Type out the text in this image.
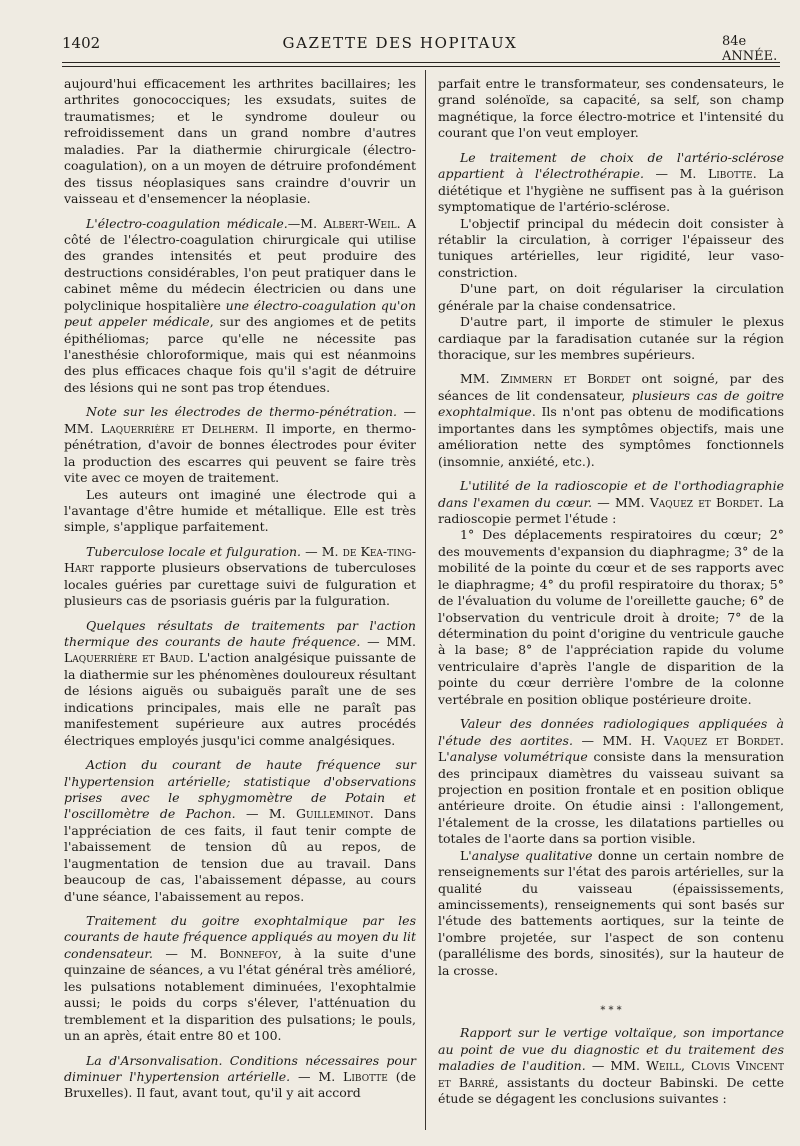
1402	GAZETTE DES HOPITAUX	84e ANNÉE.

aujourd'hui efficacement les arthrites bacillaires; les arthrites gonococciques; les exsudats, suites de traumatismes; et le syndrome douleur ou refroidissement dans un grand nombre d'autres maladies. Par la diathermie chirurgicale (électro-coagulation), on a un moyen de détruire profondément des tissus néoplasiques sans craindre d'ouvrir un vaisseau et d'ensemencer la néoplasie.

L'électro-coagulation médicale.—M. Albert-Weil. A côté de l'électro-coagulation chirurgicale qui utilise des grandes intensités et peut produire des destructions considérables, l'on peut pratiquer dans le cabinet même du médecin électricien ou dans une polyclinique hospitalière une électro-coagulation qu'on peut appeler médicale, sur des angiomes et de petits épithéliomas; parce qu'elle ne nécessite pas l'anesthésie chloroformique, mais qui est néanmoins des plus efficaces chaque fois qu'il s'agit de détruire des lésions qui ne sont pas trop étendues.

Note sur les électrodes de thermo-pénétration. — MM. Laquerrière et Delherm. Il importe, en thermo-pénétration, d'avoir de bonnes électrodes pour éviter la production des escarres qui peuvent se faire très vite avec ce moyen de traitement.

Les auteurs ont imaginé une électrode qui a l'avantage d'être humide et métallique. Elle est très simple, s'applique parfaitement.

Tuberculose locale et fulguration. — M. de Kea-ting-Hart rapporte plusieurs observations de tuberculoses locales guéries par curettage suivi de fulguration et plusieurs cas de psoriasis guéris par la fulguration.

Quelques résultats de traitements par l'action thermique des courants de haute fréquence. — MM. Laquerrière et Baud. L'action analgésique puissante de la diathermie sur les phénomènes douloureux résultant de lésions aiguës ou subaiguës paraît une de ses indications principales, mais elle ne paraît pas manifestement supérieure aux autres procédés électriques employés jusqu'ici comme analgésiques.

Action du courant de haute fréquence sur l'hypertension artérielle; statistique d'observations prises avec le sphygmomètre de Potain et l'oscillomètre de Pachon. — M. Guilleminot. Dans l'appréciation de ces faits, il faut tenir compte de l'abaissement de tension dû au repos, de l'augmentation de tension due au travail. Dans beaucoup de cas, l'abaissement dépasse, au cours d'une séance, l'abaissement au repos.

Traitement du goitre exophtalmique par les courants de haute fréquence appliqués au moyen du lit condensateur. — M. Bonnefoy, à la suite d'une quinzaine de séances, a vu l'état général très amélioré, les pulsations notablement diminuées, l'exophtalmie aussi; le poids du corps s'élever, l'atténuation du tremblement et la disparition des pulsations; le pouls, un an après, était entre 80 et 100.

La d'Arsonvalisation. Conditions nécessaires pour diminuer l'hypertension artérielle. — M. Libotte (de Bruxelles). Il faut, avant tout, qu'il y ait accord

parfait entre le transformateur, ses condensateurs, le grand solénoïde, sa capacité, sa self, son champ magnétique, la force électro-motrice et l'intensité du courant que l'on veut employer.

Le traitement de choix de l'artério-sclérose appartient à l'électrothérapie. — M. Libotte. La diététique et l'hygiène ne suffisent pas à la guérison symptomatique de l'artério-sclérose.

L'objectif principal du médecin doit consister à rétablir la circulation, à corriger l'épaisseur des tuniques artérielles, leur rigidité, leur vaso-constriction.

D'une part, on doit régulariser la circulation générale par la chaise condensatrice.

D'autre part, il importe de stimuler le plexus cardiaque par la faradisation cutanée sur la région thoracique, sur les membres supérieurs.

MM. Zimmern et Bordet ont soigné, par des séances de lit condensateur, plusieurs cas de goitre exophtalmique. Ils n'ont pas obtenu de modifications importantes dans les symptômes objectifs, mais une amélioration nette des symptômes fonctionnels (insomnie, anxiété, etc.).

L'utilité de la radioscopie et de l'orthodiagraphie dans l'examen du cœur. — MM. Vaquez et Bordet. La radioscopie permet l'étude :

1° Des déplacements respiratoires du cœur; 2° des mouvements d'expansion du diaphragme; 3° de la mobilité de la pointe du cœur et de ses rapports avec le diaphragme; 4° du profil respiratoire du thorax; 5° de l'évaluation du volume de l'oreillette gauche; 6° de l'observation du ventricule droit à droite; 7° de la détermination du point d'origine du ventricule gauche à la base; 8° de l'appréciation rapide du volume ventriculaire d'après l'angle de disparition de la pointe du cœur derrière l'ombre de la colonne vertébrale en position oblique postérieure droite.

Valeur des données radiologiques appliquées à l'étude des aortites. — MM. H. Vaquez et Bordet. L'analyse volumétrique consiste dans la mensuration des principaux diamètres du vaisseau suivant sa projection en position frontale et en position oblique antérieure droite. On étudie ainsi : l'allongement, l'étalement de la crosse, les dilatations partielles ou totales de l'aorte dans sa portion visible.

L'analyse qualitative donne un certain nombre de renseignements sur l'état des parois artérielles, sur la qualité du vaisseau (épaississements, amincissements), renseignements qui sont basés sur l'étude des battements aortiques, sur la teinte de l'ombre projetée, sur l'aspect de son contenu (parallélisme des bords, sinosités), sur la hauteur de la crosse.

* * *

Rapport sur le vertige voltaïque, son importance au point de vue du diagnostic et du traitement des maladies de l'audition. — MM. Weill, Clovis Vincent et Barré, assistants du docteur Babinski. De cette étude se dégagent les conclusions suivantes :
